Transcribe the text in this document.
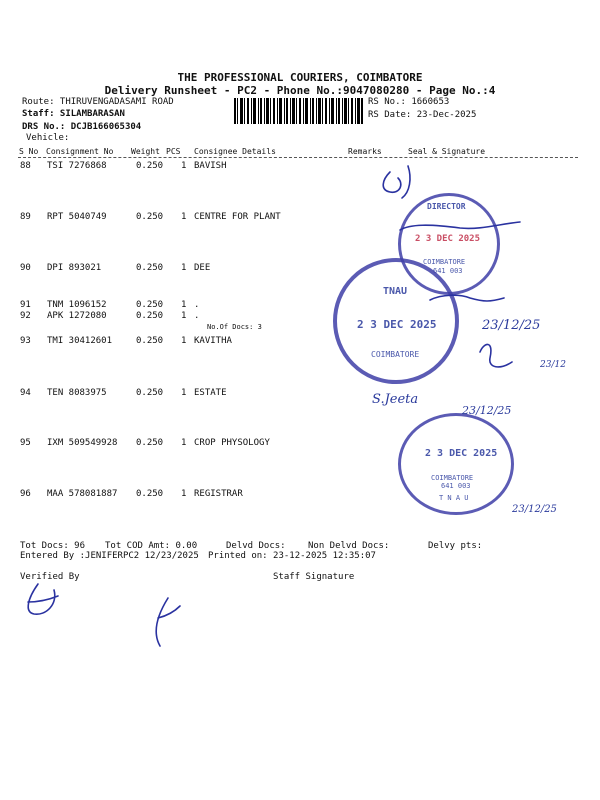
THE PROFESSIONAL COURIERS, COIMBATORE
Delivery Runsheet - PC2 - Phone No.:9047080280 - Page No.:4
Route: THIRUVENGADASAMI ROAD
Staff: SILAMBARASAN
DRS No.: DCJB166065304
Vehicle:
RS No.: 1660653
RS Date: 23-Dec-2025
S No Consignment No Weight PCS Consignee Details	Remarks	Seal & Signature
88 TSI 7276868	0.250 1 BAVISH
89 RPT 5040749	0.250 1 CENTRE FOR PLANT
90 DPI 893021	0.250 1 DEE
91 TNM 1096152	0.250 1 .
92 APK 1272080	0.250 1 .
No.Of Docs: 3
93 TMI 30412601	0.250 1 KAVITHA
94 TEN 8083975	0.250 1 ESTATE
95 IXM 509549928 0.250 1 CROP PHYSOLOGY
96 MAA 578081887 0.250 1 REGISTRAR
DIRECTOR
2 3 DEC 2025
COIMBATORE
641 003
TNAU
2 3 DEC 2025
COIMBATORE
2 3 DEC 2025
COIMBATORE
641 003
T N A U
23/12/25
23/12
S.Jeeta
23/12/25
23/12/25
Tot Docs: 96 Tot COD Amt: 0.00	Delvd Docs: Non Delvd Docs:	Delvy pts:
Entered By :JENIFERPC2 12/23/2025 Printed on: 23-12-2025 12:35:07
Verified By	Staff Signature
